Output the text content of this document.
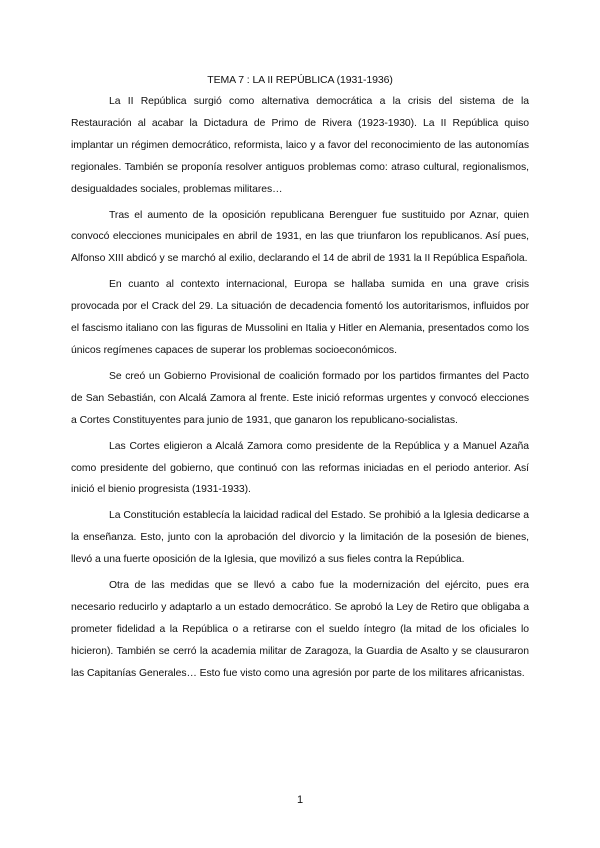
TEMA 7 : LA II REPÚBLICA (1931-1936)

La II República surgió como alternativa democrática a la crisis del sistema de la Restauración al acabar la Dictadura de Primo de Rivera (1923-1930). La II República quiso implantar un régimen democrático, reformista, laico y a favor del reconocimiento de las autonomías regionales. También se proponía resolver antiguos problemas como: atraso cultural, regionalismos, desigualdades sociales, problemas militares…

Tras el aumento de la oposición republicana Berenguer fue sustituido por Aznar, quien convocó elecciones municipales en abril de 1931, en las que triunfaron los republicanos. Así pues, Alfonso XIII abdicó y se marchó al exilio, declarando el 14 de abril de 1931 la II República Española.

En cuanto al contexto internacional, Europa se hallaba sumida en una grave crisis provocada por el Crack del 29. La situación de decadencia fomentó los autoritarismos, influidos por el fascismo italiano con las figuras de Mussolini en Italia y Hitler en Alemania, presentados como los únicos regímenes capaces de superar los problemas socioeconómicos.

Se creó un Gobierno Provisional de coalición formado por los partidos firmantes del Pacto de San Sebastián, con Alcalá Zamora al frente. Este inició reformas urgentes y convocó elecciones a Cortes Constituyentes para junio de 1931, que ganaron los republicano-socialistas.

Las Cortes eligieron a Alcalá Zamora como presidente de la República y a Manuel Azaña como presidente del gobierno, que continuó con las reformas iniciadas en el periodo anterior. Así inició el bienio progresista (1931-1933).

La Constitución establecía la laicidad radical del Estado. Se prohibió a la Iglesia dedicarse a la enseñanza. Esto, junto con la aprobación del divorcio y la limitación de la posesión de bienes, llevó a una fuerte oposición de la Iglesia, que movilizó a sus fieles contra la República.

Otra de las medidas que se llevó a cabo fue la modernización del ejército, pues era necesario reducirlo y adaptarlo a un estado democrático. Se aprobó la Ley de Retiro que obligaba a prometer fidelidad a la República o a retirarse con el sueldo íntegro (la mitad de los oficiales lo hicieron). También se cerró la academia militar de Zaragoza, la Guardia de Asalto y se clausuraron las Capitanías Generales… Esto fue visto como una agresión por parte de los militares africanistas.

1
